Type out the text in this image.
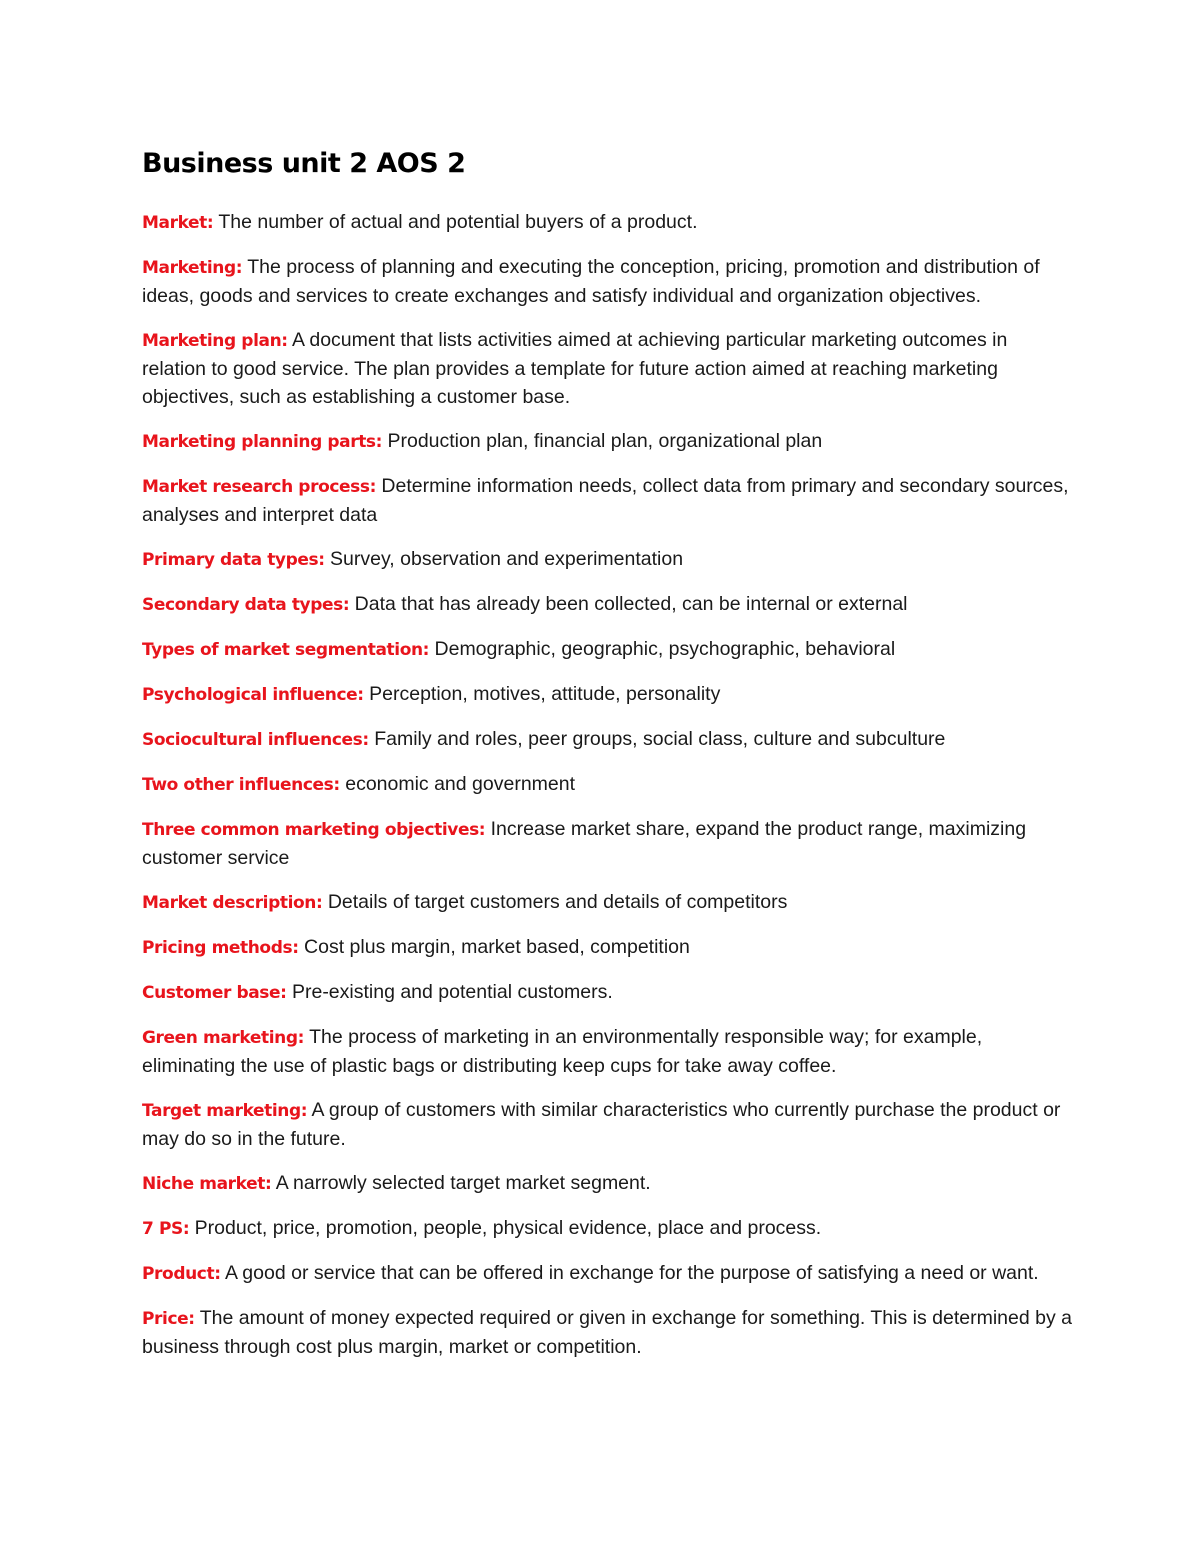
Business unit 2 AOS 2

Market: The number of actual and potential buyers of a product.

Marketing: The process of planning and executing the conception, pricing, promotion and distribution of ideas, goods and services to create exchanges and satisfy individual and organization objectives.

Marketing plan: A document that lists activities aimed at achieving particular marketing outcomes in relation to good service. The plan provides a template for future action aimed at reaching marketing objectives, such as establishing a customer base.

Marketing planning parts: Production plan, financial plan, organizational plan

Market research process: Determine information needs, collect data from primary and secondary sources, analyses and interpret data

Primary data types: Survey, observation and experimentation

Secondary data types: Data that has already been collected, can be internal or external

Types of market segmentation: Demographic, geographic, psychographic, behavioral

Psychological influence: Perception, motives, attitude, personality

Sociocultural influences: Family and roles, peer groups, social class, culture and subculture

Two other influences: economic and government

Three common marketing objectives: Increase market share, expand the product range, maximizing customer service

Market description: Details of target customers and details of competitors

Pricing methods: Cost plus margin, market based, competition

Customer base: Pre-existing and potential customers.

Green marketing: The process of marketing in an environmentally responsible way; for example, eliminating the use of plastic bags or distributing keep cups for take away coffee.

Target marketing: A group of customers with similar characteristics who currently purchase the product or may do so in the future.

Niche market: A narrowly selected target market segment.

7 PS: Product, price, promotion, people, physical evidence, place and process.

Product: A good or service that can be offered in exchange for the purpose of satisfying a need or want.

Price: The amount of money expected required or given in exchange for something. This is determined by a business through cost plus margin, market or competition.
